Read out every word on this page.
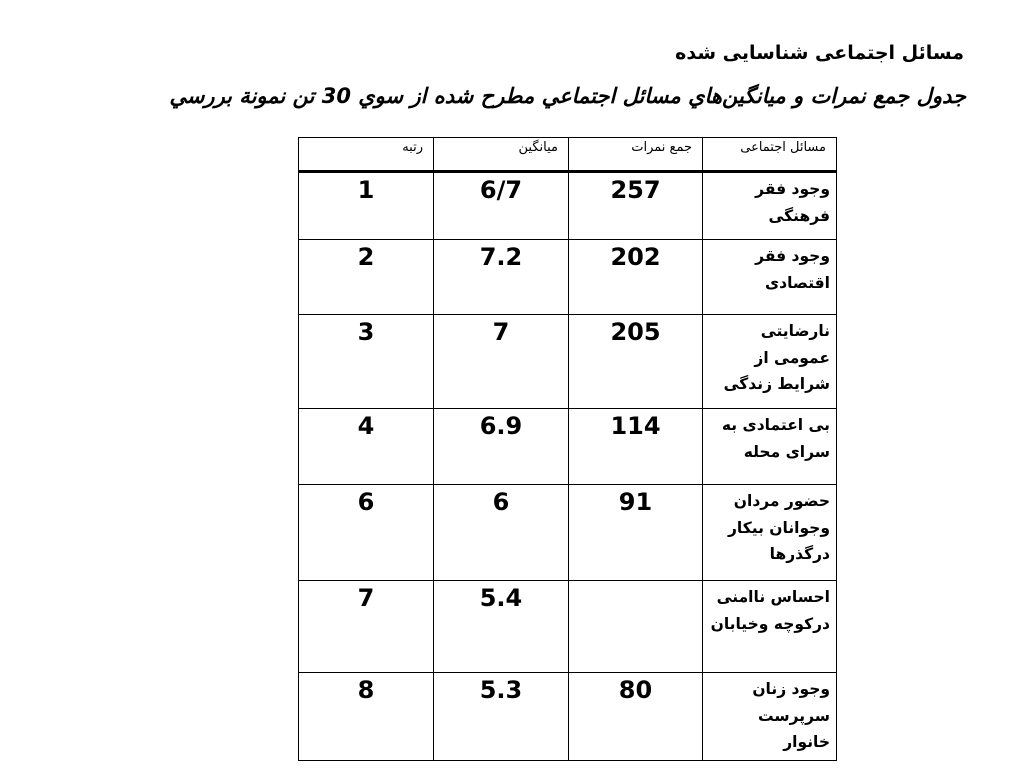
مسائل اجتماعی شناسایی شده
جدول جمع نمرات و میانگین‌هاي مسائل اجتماعي مطرح شده از سوي 30 تن نمونة بررسي
مسائل اجتماعی	جمع نمرات	میانگین	رتبه
وجود فقر فرهنگی	257	6/7	1
وجود فقر اقتصادی	202	7.2	2
نارضایتی عمومی از شرایط زندگی	205	7	3
بی اعتمادی به سرای محله	114	6.9	4
حضور مردان وجوانان بیکار درگذرها	91	6	6
احساس ناامنی درکوچه وخیابان		5.4	7
وجود زنان سرپرست خانوار	80	5.3	8
